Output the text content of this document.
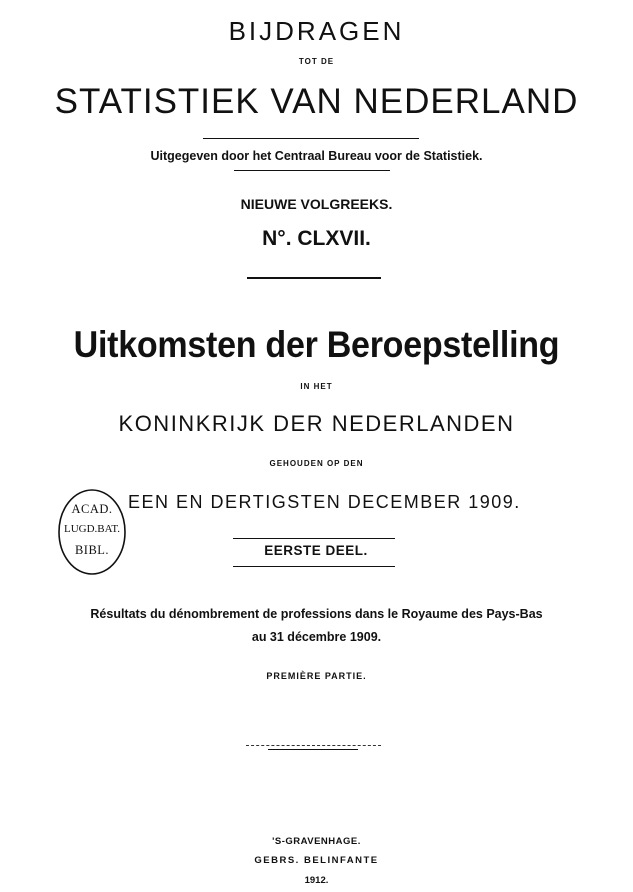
BIJDRAGEN
TOT DE
STATISTIEK VAN NEDERLAND
Uitgegeven door het Centraal Bureau voor de Statistiek.
NIEUWE VOLGREEKS.
N°. CLXVII.
Uitkomsten der Beroepstelling
IN HET
KONINKRIJK DER NEDERLANDEN
GEHOUDEN OP DEN
EEN EN DERTIGSTEN DECEMBER 1909.
EERSTE DEEL.
Résultats du dénombrement de professions dans le Royaume des Pays-Bas
au 31 décembre 1909.
PREMIÈRE PARTIE.
'S-GRAVENHAGE.
GEBRS. BELINFANTE
1912.
ACAD.
LUGD.BAT.
BIBL.
